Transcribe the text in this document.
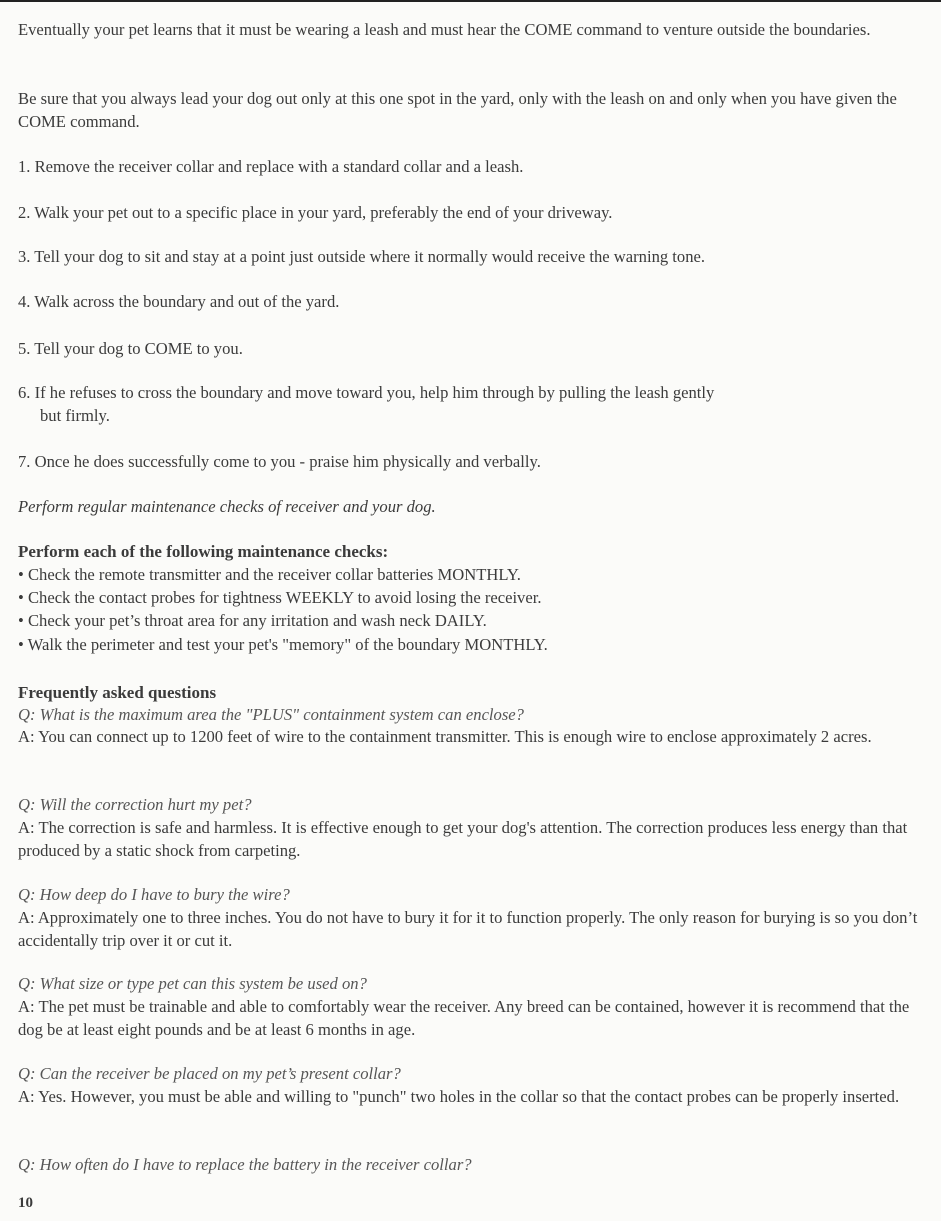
Eventually your pet learns that it must be wearing a leash and must hear the COME command to venture outside the boundaries.

Be sure that you always lead your dog out only at this one spot in the yard, only with the leash on and only when you have given the COME command.

1. Remove the receiver collar and replace with a standard collar and a leash.

2. Walk your pet out to a specific place in your yard, preferably the end of your driveway.

3. Tell your dog to sit and stay at a point just outside where it normally would receive the warning tone.

4. Walk across the boundary and out of the yard.

5. Tell your dog to COME to you.

6. If he refuses to cross the boundary and move toward you, help him through by pulling the leash gently

but firmly.

7. Once he does successfully come to you - praise him physically and verbally.

Perform regular maintenance checks of receiver and your dog.

Perform each of the following maintenance checks:

• Check the remote transmitter and the receiver collar batteries MONTHLY.

• Check the contact probes for tightness WEEKLY to avoid losing the receiver.

• Check your pet’s throat area for any irritation and wash neck DAILY.

• Walk the perimeter and test your pet's "memory" of the boundary MONTHLY.

Frequently asked questions

Q: What is the maximum area the "PLUS" containment system can enclose?

A: You can connect up to 1200 feet of wire to the containment transmitter. This is enough wire to enclose approximately 2 acres.

Q: Will the correction hurt my pet?

A: The correction is safe and harmless. It is effective enough to get your dog's attention. The correction produces less energy than that produced by a static shock from carpeting.

Q: How deep do I have to bury the wire?

A: Approximately one to three inches. You do not have to bury it for it to function properly. The only reason for burying is so you don’t accidentally trip over it or cut it.

Q: What size or type pet can this system be used on?

A: The pet must be trainable and able to comfortably wear the receiver. Any breed can be contained, however it is recommend that the dog be at least eight pounds and be at least 6 months in age.

Q: Can the receiver be placed on my pet’s present collar?

A: Yes. However, you must be able and willing to "punch" two holes in the collar so that the contact probes can be properly inserted.

Q: How often do I have to replace the battery in the receiver collar?

10
